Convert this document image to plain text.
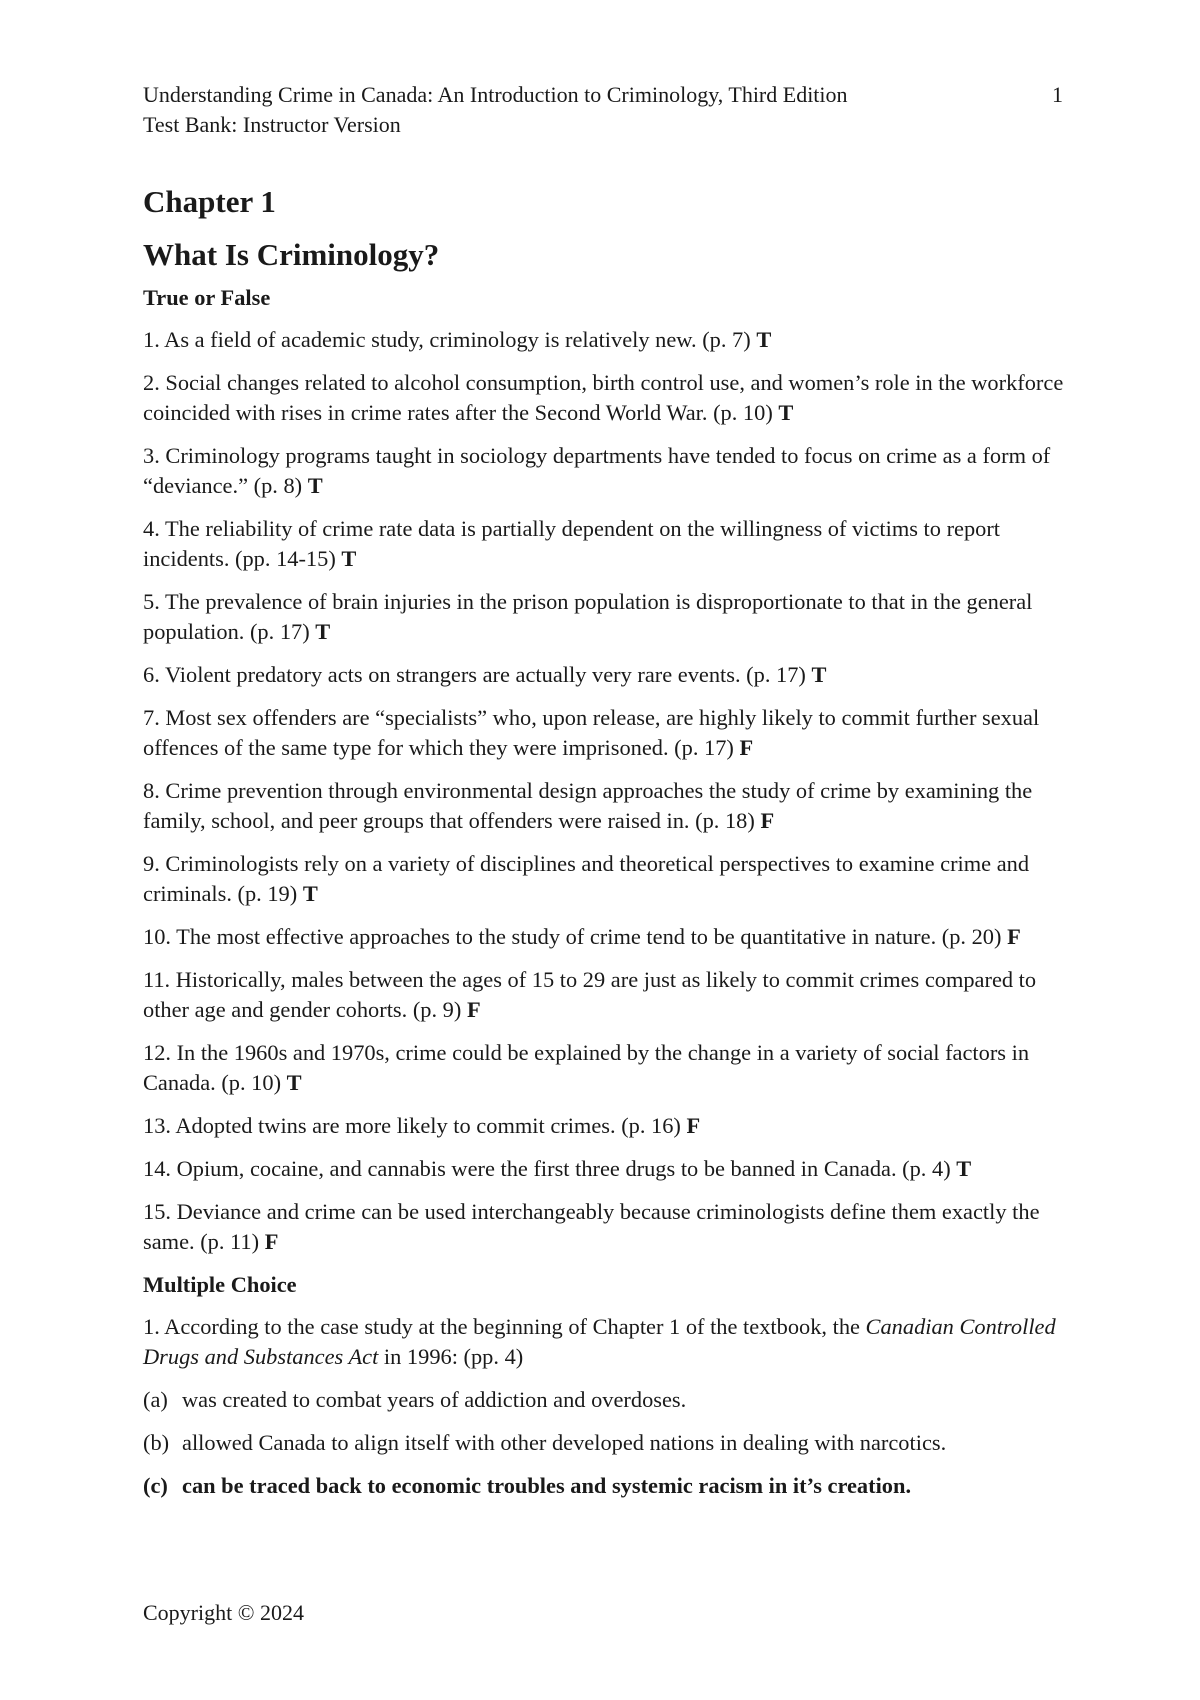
Understanding Crime in Canada: An Introduction to Criminology, Third Edition
Test Bank: Instructor Version
1
Chapter 1
What Is Criminology?
True or False
1. As a field of academic study, criminology is relatively new. (p. 7) T
2. Social changes related to alcohol consumption, birth control use, and women’s role in the workforce coincided with rises in crime rates after the Second World War. (p. 10) T
3. Criminology programs taught in sociology departments have tended to focus on crime as a form of “deviance.” (p. 8) T
4. The reliability of crime rate data is partially dependent on the willingness of victims to report incidents. (pp. 14-15) T
5. The prevalence of brain injuries in the prison population is disproportionate to that in the general population. (p. 17) T
6. Violent predatory acts on strangers are actually very rare events. (p. 17) T
7. Most sex offenders are “specialists” who, upon release, are highly likely to commit further sexual offences of the same type for which they were imprisoned. (p. 17) F
8. Crime prevention through environmental design approaches the study of crime by examining the family, school, and peer groups that offenders were raised in. (p. 18) F
9. Criminologists rely on a variety of disciplines and theoretical perspectives to examine crime and criminals. (p. 19) T
10. The most effective approaches to the study of crime tend to be quantitative in nature. (p. 20) F
11. Historically, males between the ages of 15 to 29 are just as likely to commit crimes compared to other age and gender cohorts. (p. 9) F
12. In the 1960s and 1970s, crime could be explained by the change in a variety of social factors in Canada. (p. 10) T
13. Adopted twins are more likely to commit crimes. (p. 16) F
14. Opium, cocaine, and cannabis were the first three drugs to be banned in Canada. (p. 4) T
15. Deviance and crime can be used interchangeably because criminologists define them exactly the same. (p. 11) F
Multiple Choice
1. According to the case study at the beginning of Chapter 1 of the textbook, the Canadian Controlled Drugs and Substances Act in 1996: (pp. 4)
(a) was created to combat years of addiction and overdoses.
(b) allowed Canada to align itself with other developed nations in dealing with narcotics.
(c) can be traced back to economic troubles and systemic racism in it’s creation.
Copyright © 2024
